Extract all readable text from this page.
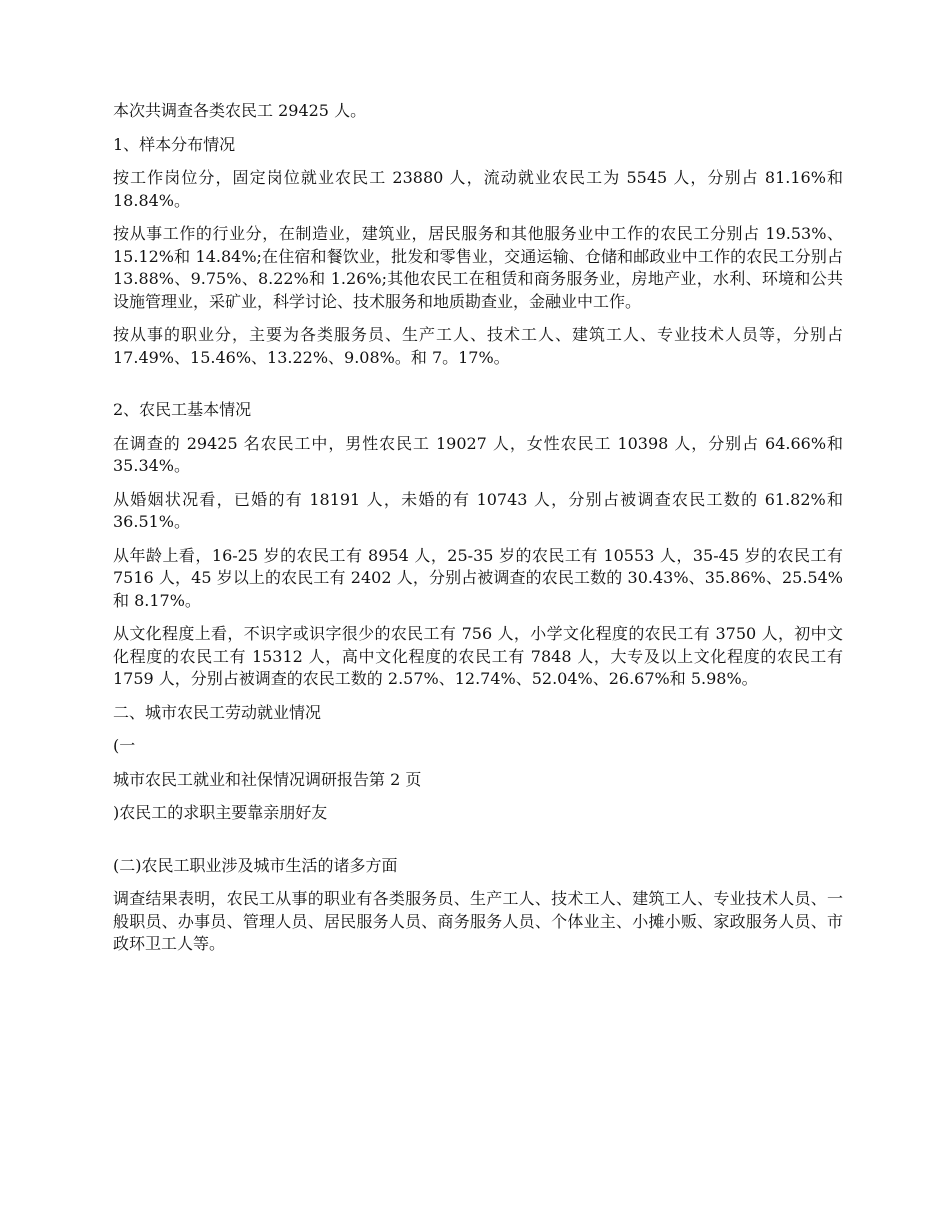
本次共调查各类农民工 29425 人。

1、样本分布情况

按工作岗位分，固定岗位就业农民工 23880 人，流动就业农民工为 5545 人，分别占 81.16%和 18.84%。

按从事工作的行业分，在制造业，建筑业，居民服务和其他服务业中工作的农民工分别占 19.53%、15.12%和 14.84%;在住宿和餐饮业，批发和零售业，交通运输、仓储和邮政业中工作的农民工分别占 13.88%、9.75%、8.22%和 1.26%;其他农民工在租赁和商务服务业，房地产业，水利、环境和公共设施管理业，采矿业，科学讨论、技术服务和地质勘查业，金融业中工作。

按从事的职业分，主要为各类服务员、生产工人、技术工人、建筑工人、专业技术人员等，分别占 17.49%、15.46%、13.22%、9.08%。和 7。17%。

2、农民工基本情况

在调查的 29425 名农民工中，男性农民工 19027 人，女性农民工 10398 人，分别占 64.66%和 35.34%。

从婚姻状况看，已婚的有 18191 人，未婚的有 10743 人，分别占被调查农民工数的 61.82%和 36.51%。

从年龄上看，16-25 岁的农民工有 8954 人，25-35 岁的农民工有 10553 人，35-45 岁的农民工有 7516 人，45 岁以上的农民工有 2402 人，分别占被调查的农民工数的 30.43%、35.86%、25.54%和 8.17%。

从文化程度上看，不识字或识字很少的农民工有 756 人，小学文化程度的农民工有 3750 人，初中文化程度的农民工有 15312 人，高中文化程度的农民工有 7848 人，大专及以上文化程度的农民工有 1759 人，分别占被调查的农民工数的 2.57%、12.74%、52.04%、26.67%和 5.98%。

二、城市农民工劳动就业情况

(一

城市农民工就业和社保情况调研报告第 2 页

)农民工的求职主要靠亲朋好友

(二)农民工职业涉及城市生活的诸多方面

调查结果表明，农民工从事的职业有各类服务员、生产工人、技术工人、建筑工人、专业技术人员、一般职员、办事员、管理人员、居民服务人员、商务服务人员、个体业主、小摊小贩、家政服务人员、市政环卫工人等。
